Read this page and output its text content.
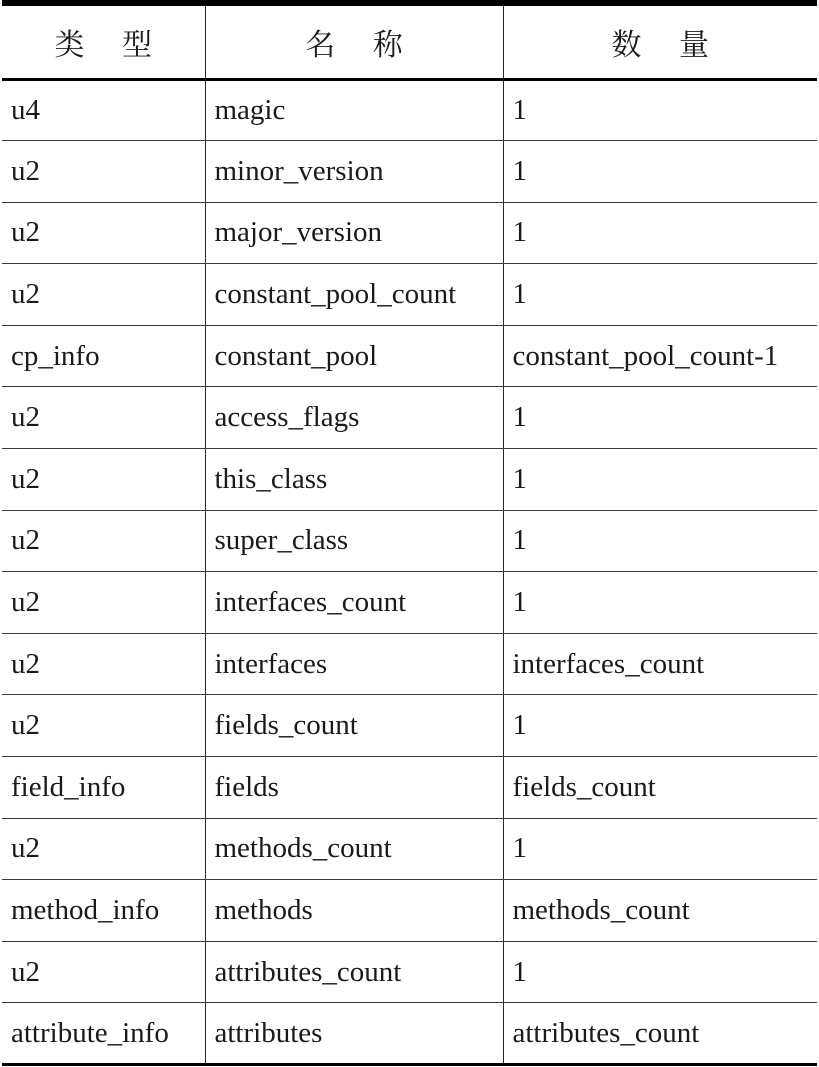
类 型	名 称	数 量
u4	magic	1
u2	minor_version	1
u2	major_version	1
u2	constant_pool_count	1
cp_info	constant_pool	constant_pool_count-1
u2	access_flags	1
u2	this_class	1
u2	super_class	1
u2	interfaces_count	1
u2	interfaces	interfaces_count
u2	fields_count	1
field_info	fields	fields_count
u2	methods_count	1
method_info	methods	methods_count
u2	attributes_count	1
attribute_info	attributes	attributes_count
